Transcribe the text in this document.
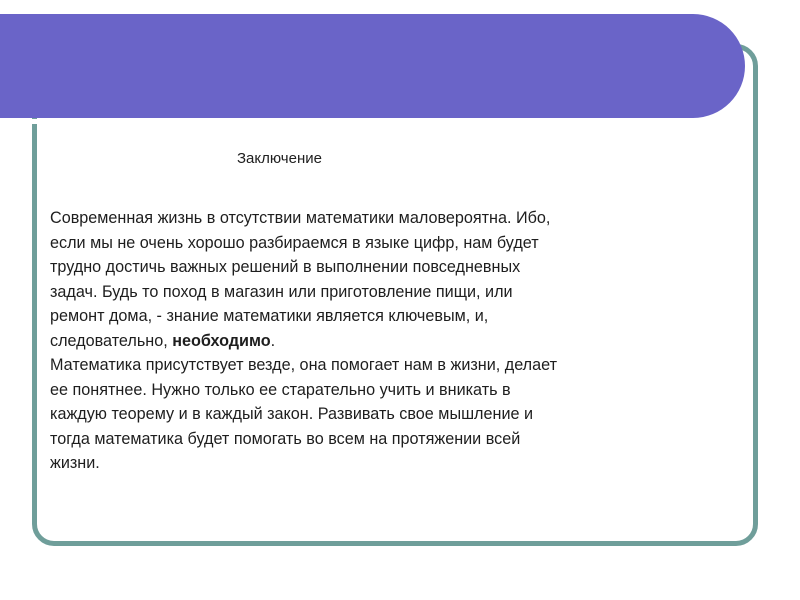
Заключение

Современная жизнь в отсутствии математики маловероятна. Ибо,
если мы не очень хорошо разбираемся в языке цифр, нам будет
трудно достичь важных решений в выполнении повседневных
задач. Будь то поход в магазин или приготовление пищи, или
ремонт дома, - знание математики является ключевым, и,
следовательно, необходимо.

Математика присутствует везде, она помогает нам в жизни, делает
ее понятнее. Нужно только ее старательно учить и вникать в
каждую теорему и в каждый закон. Развивать свое мышление и
тогда математика будет помогать во всем на протяжении всей
жизни.
